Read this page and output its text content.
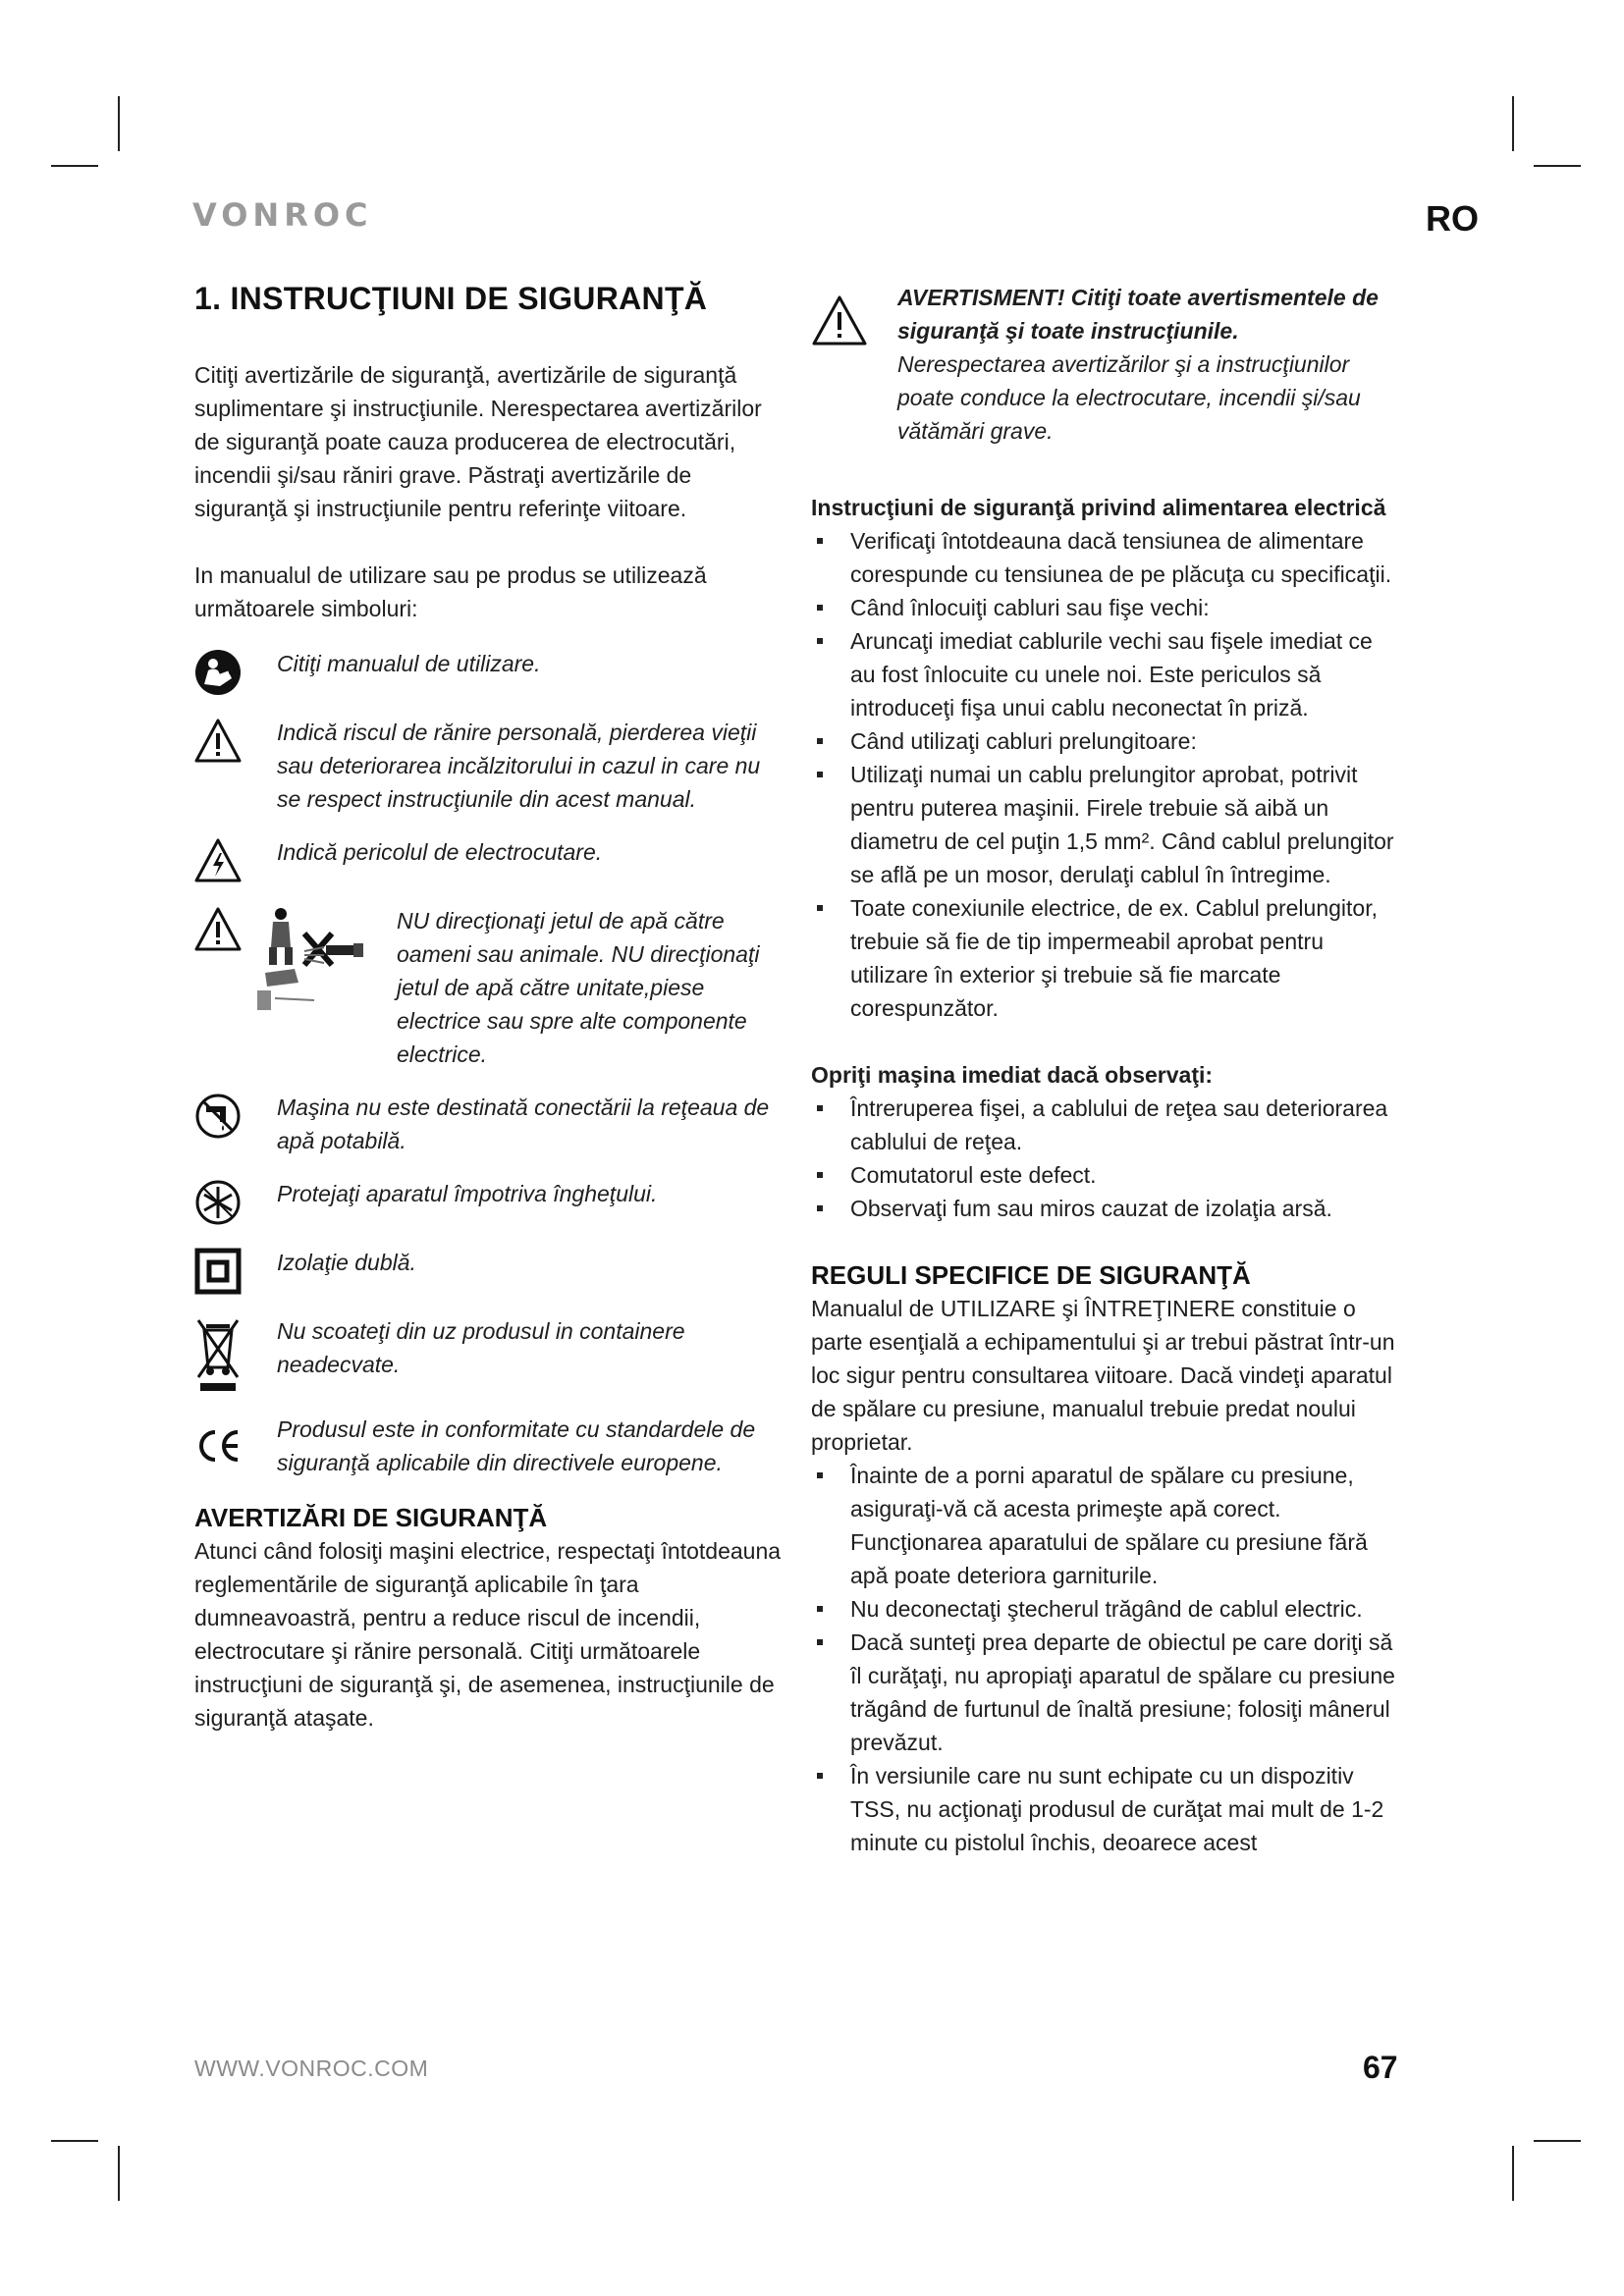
VONROC	RO
1. INSTRUCŢIUNI DE SIGURANŢĂ

Citiţi avertizările de siguranţă, avertizările de siguranţă suplimentare şi instrucţiunile. Nerespectarea avertizărilor de siguranţă poate cauza producerea de electrocutări, incendii şi/sau răniri grave. Păstraţi avertizările de siguranţă şi instrucţiunile pentru referinţe viitoare.

In manualul de utilizare sau pe produs se utilizează următoarele simboluri:

Citiţi manualul de utilizare.
Indică riscul de rănire personală, pierderea vieţii sau deteriorarea incălzitorului in cazul in care nu se respect instrucţiunile din acest manual.
Indică pericolul de electrocutare.
NU direcţionaţi jetul de apă către oameni sau animale. NU direcţionaţi jetul de apă către unitate,piese electrice sau spre alte componente electrice.
Maşina nu este destinată conectării la reţeaua de apă potabilă.
Protejaţi aparatul împotriva îngheţului.
Izolaţie dublă.
Nu scoateţi din uz produsul in containere neadecvate.
Produsul este in conformitate cu standardele de siguranţă aplicabile din directivele europene.
AVERTIZĂRI DE SIGURANŢĂ

Atunci când folosiţi maşini electrice, respectaţi întotdeauna reglementările de siguranţă aplicabile în ţara dumneavoastră, pentru a reduce riscul de incendii, electrocutare şi rănire personală. Citiţi următoarele instrucţiuni de siguranţă şi, de asemenea, instrucţiunile de siguranţă ataşate.

AVERTISMENT! Citiţi toate avertismentele de siguranţă şi toate instrucţiunile.
Nerespectarea avertizărilor şi a instrucţiunilor poate conduce la electrocutare, incendii şi/sau vătămări grave.
Instrucţiuni de siguranţă privind alimentarea electrică
Verificaţi întotdeauna dacă tensiunea de alimentare corespunde cu tensiunea de pe plăcuţa cu specificaţii.
Când înlocuiţi cabluri sau fişe vechi:
Aruncaţi imediat cablurile vechi sau fişele imediat ce au fost înlocuite cu unele noi. Este periculos să introduceţi fişa unui cablu neconectat în priză.
Când utilizaţi cabluri prelungitoare:
Utilizaţi numai un cablu prelungitor aprobat, potrivit pentru puterea maşinii. Firele trebuie să aibă un diametru de cel puţin 1,5 mm². Când cablul prelungitor se află pe un mosor, derulaţi cablul în întregime.
Toate conexiunile electrice, de ex. Cablul prelungitor, trebuie să fie de tip impermeabil aprobat pentru utilizare în exterior şi trebuie să fie marcate corespunzător.
Opriţi maşina imediat dacă observaţi:
Întreruperea fişei, a cablului de reţea sau deteriorarea cablului de reţea.
Comutatorul este defect.
Observaţi fum sau miros cauzat de izolaţia arsă.
REGULI SPECIFICE DE SIGURANŢĂ

Manualul de UTILIZARE şi ÎNTREŢINERE constituie o parte esenţială a echipamentului şi ar trebui păstrat într-un loc sigur pentru consultarea viitoare. Dacă vindeţi aparatul de spălare cu presiune, manualul trebuie predat noului proprietar.

Înainte de a porni aparatul de spălare cu presiune, asiguraţi-vă că acesta primeşte apă corect. Funcţionarea aparatului de spălare cu presiune fără apă poate deteriora garniturile.
Nu deconectaţi ştecherul trăgând de cablul electric.
Dacă sunteţi prea departe de obiectul pe care doriţi să îl curăţaţi, nu apropiaţi aparatul de spălare cu presiune trăgând de furtunul de înaltă presiune; folosiţi mânerul prevăzut.
În versiunile care nu sunt echipate cu un dispozitiv TSS, nu acţionaţi produsul de curăţat mai mult de 1-2 minute cu pistolul închis, deoarece acest
WWW.VONROC.COM	67
